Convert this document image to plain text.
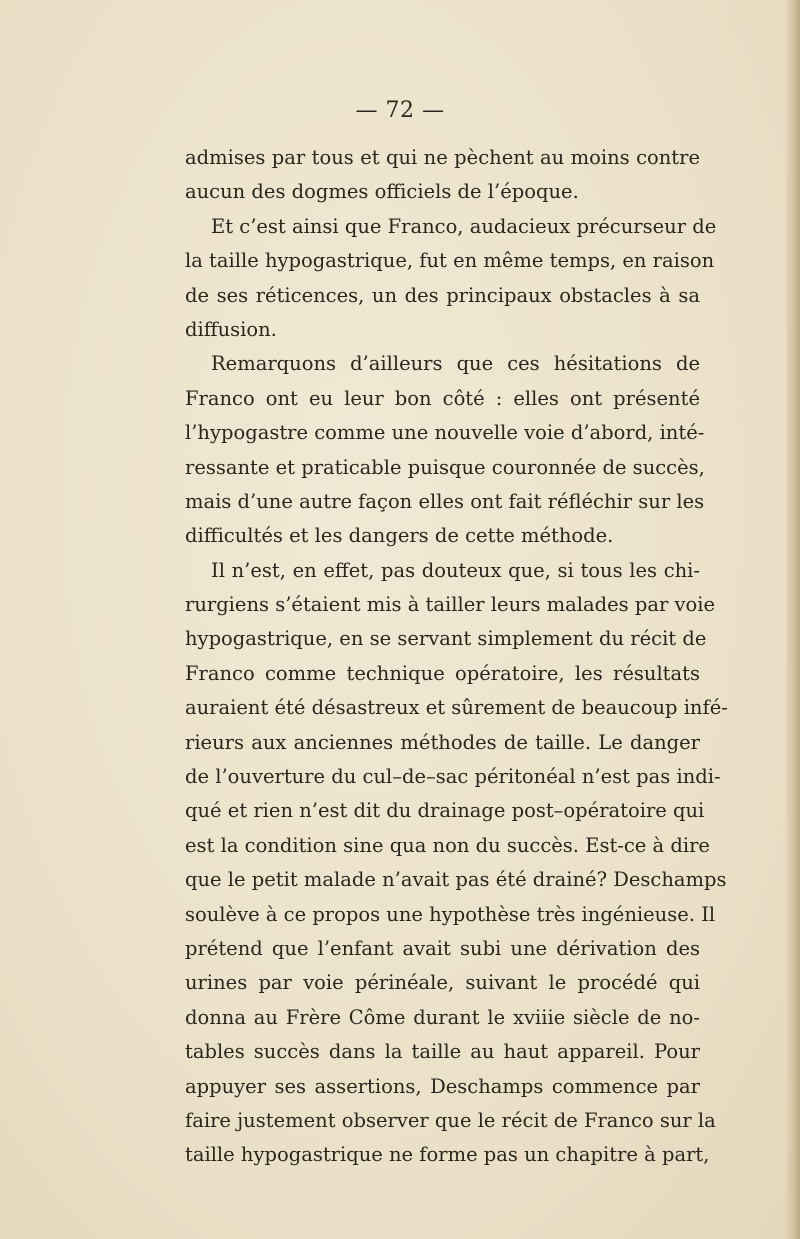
— 72 —
admises par tous et qui ne pèchent au moins contre
aucun des dogmes officiels de l’époque.
Et c’est ainsi que Franco, audacieux précurseur de
la taille hypogastrique, fut en même temps, en raison
de ses réticences, un des principaux obstacles à sa
diffusion.
Remarquons d’ailleurs que ces hésitations de
Franco ont eu leur bon côté : elles ont présenté
l’hypogastre comme une nouvelle voie d’abord, inté-
ressante et praticable puisque couronnée de succès,
mais d’une autre façon elles ont fait réfléchir sur les
difficultés et les dangers de cette méthode.
Il n’est, en effet, pas douteux que, si tous les chi-
rurgiens s’étaient mis à tailler leurs malades par voie
hypogastrique, en se servant simplement du récit de
Franco comme technique opératoire, les résultats
auraient été désastreux et sûrement de beaucoup infé-
rieurs aux anciennes méthodes de taille. Le danger
de l’ouverture du cul–de–sac péritonéal n’est pas indi-
qué et rien n’est dit du drainage post–opératoire qui
est la condition sine qua non du succès. Est-ce à dire
que le petit malade n’avait pas été drainé? Deschamps
soulève à ce propos une hypothèse très ingénieuse. Il
prétend que l’enfant avait subi une dérivation des
urines par voie périnéale, suivant le procédé qui
donna au Frère Côme durant le xviiie siècle de no-
tables succès dans la taille au haut appareil. Pour
appuyer ses assertions, Deschamps commence par
faire justement observer que le récit de Franco sur la
taille hypogastrique ne forme pas un chapitre à part,
